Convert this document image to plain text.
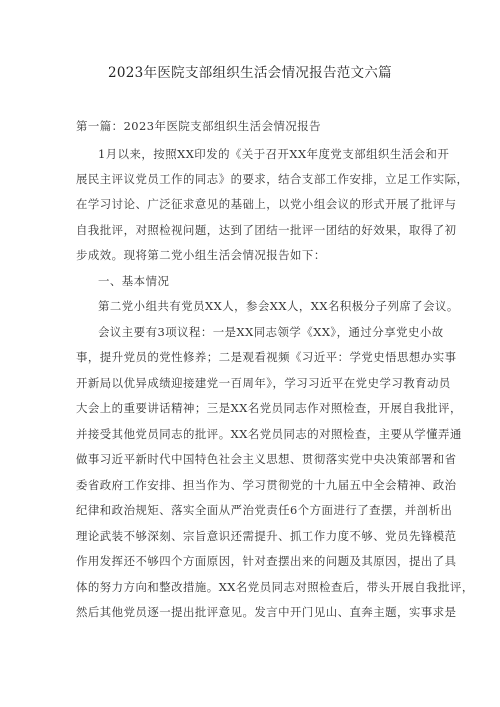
2023年医院支部组织生活会情况报告范文六篇
第一篇：2023年医院支部组织生活会情况报告
1月以来，按照XX印发的《关于召开XX年度党支部组织生活会和开
展民主评议党员工作的同志》的要求，结合支部工作安排，立足工作实际，
在学习讨论、广泛征求意见的基础上，以党小组会议的形式开展了批评与
自我批评，对照检视问题，达到了团结一批评一团结的好效果，取得了初
步成效。现将第二党小组生活会情况报告如下：
一、基本情况
第二党小组共有党员XX人，参会XX人，XX名积极分子列席了会议。
会议主要有3项议程：一是XX同志领学《XX》，通过分享党史小故
事，提升党员的党性修养；二是观看视频《习近平：学党史悟思想办实事
开新局以优异成绩迎接建党一百周年》，学习习近平在党史学习教育动员
大会上的重要讲话精神；三是XX名党员同志作对照检查，开展自我批评，
并接受其他党员同志的批评。XX名党员同志的对照检查，主要从学懂弄通
做事习近平新时代中国特色社会主义思想、贯彻落实党中央决策部署和省
委省政府工作安排、担当作为、学习贯彻党的十九届五中全会精神、政治
纪律和政治规矩、落实全面从严治党责任6个方面进行了查摆，并剖析出
理论武装不够深刻、宗旨意识还需提升、抓工作力度不够、党员先锋模范
作用发挥还不够四个方面原因，针对查摆出来的问题及其原因，提出了具
体的努力方向和整改措施。XX名党员同志对照检查后，带头开展自我批评，
然后其他党员逐一提出批评意见。发言中开门见山、直奔主题，实事求是
